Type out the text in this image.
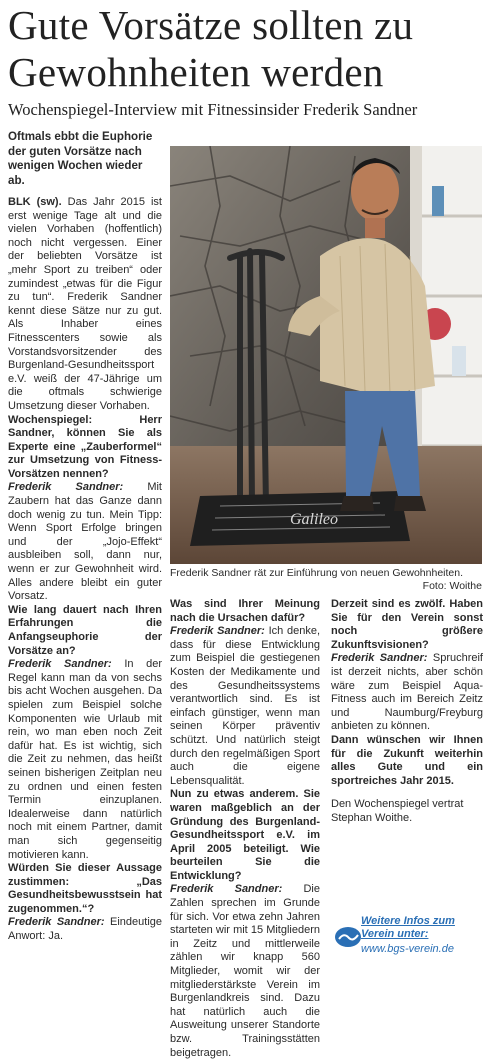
Gute Vorsätze sollten zu Gewohnheiten werden
Wochenspiegel-Interview mit Fitnessinsider Frederik Sandner

Oftmals ebbt die Euphorie der guten Vorsätze nach wenigen Wochen wieder ab.

BLK (sw). Das Jahr 2015 ist erst wenige Tage alt und die vielen Vorhaben (hoffentlich) noch nicht vergessen. Einer der beliebten Vorsätze ist „mehr Sport zu treiben“ oder zumindest „etwas für die Figur zu tun“. Frederik Sandner kennt diese Sätze nur zu gut. Als Inhaber eines Fitnesscenters sowie als Vorstandsvorsitzender des Burgenland-Gesundheitssport e.V. weiß der 47-Jährige um die oftmals schwierige Umsetzung dieser Vorhaben.

Wochenspiegel: Herr Sandner, können Sie als Experte eine „Zauberformel“ zur Umsetzung von Fitness-Vorsätzen nennen?

Frederik Sandner: Mit Zaubern hat das Ganze dann doch wenig zu tun. Mein Tipp: Wenn Sport Erfolge bringen und der „Jojo-Effekt“ ausbleiben soll, dann nur, wenn er zur Gewohnheit wird. Alles andere bleibt ein guter Vorsatz.

Wie lang dauert nach Ihren Erfahrungen die Anfangseuphorie der Vorsätze an?

Frederik Sandner: In der Regel kann man da von sechs bis acht Wochen ausgehen. Da spielen zum Beispiel solche Komponenten wie Urlaub mit rein, wo man eben noch Zeit dafür hat. Es ist wichtig, sich die Zeit zu nehmen, das heißt seinen bisherigen Zeitplan neu zu ordnen und einen festen Termin einzuplanen. Idealerweise dann natürlich noch mit einem Partner, damit man sich gegenseitig motivieren kann.

Würden Sie dieser Aussage zustimmen: „Das Gesundheitsbewusstsein hat zugenommen.“?

Frederik Sandner: Eindeutige Anwort: Ja.

Galileo
Frederik Sandner rät zur Einführung von neuen Gewohnheiten.
Foto: Woithe

Was sind Ihrer Meinung nach die Ursachen dafür?

Frederik Sandner: Ich denke, dass für diese Entwicklung zum Beispiel die gestiegenen Kosten der Medikamente und des Gesundheitssystems verantwortlich sind. Es ist einfach günstiger, wenn man seinen Körper präventiv schützt. Und natürlich steigt durch den regelmäßigen Sport auch die eigene Lebensqualität.

Nun zu etwas anderem. Sie waren maßgeblich an der Gründung des Burgenland-Gesundheitssport e.V. im April 2005 beteiligt. Wie beurteilen Sie die Entwicklung?

Frederik Sandner: Die Zahlen sprechen im Grunde für sich. Vor etwa zehn Jahren starteten wir mit 15 Mitgliedern in Zeitz und mittlerweile zählen wir knapp 560 Mitglieder, womit wir der mitgliederstärkste Verein im Burgenlandkreis sind. Dazu hat natürlich auch die Ausweitung unserer Standorte bzw. Trainingsstätten beigetragen.

Derzeit sind es zwölf. Haben Sie für den Verein sonst noch größere Zukunftsvisionen?

Frederik Sandner: Spruchreif ist derzeit nichts, aber schön wäre zum Beispiel Aqua-Fitness auch im Bereich Zeitz und Naumburg/Freyburg anbieten zu können.

Dann wünschen wir Ihnen für die Zukunft weiterhin alles Gute und ein sportreiches Jahr 2015.

Den Wochenspiegel vertrat Stephan Woithe.

Weitere Infos zum Verein unter:
www.bgs-verein.de
